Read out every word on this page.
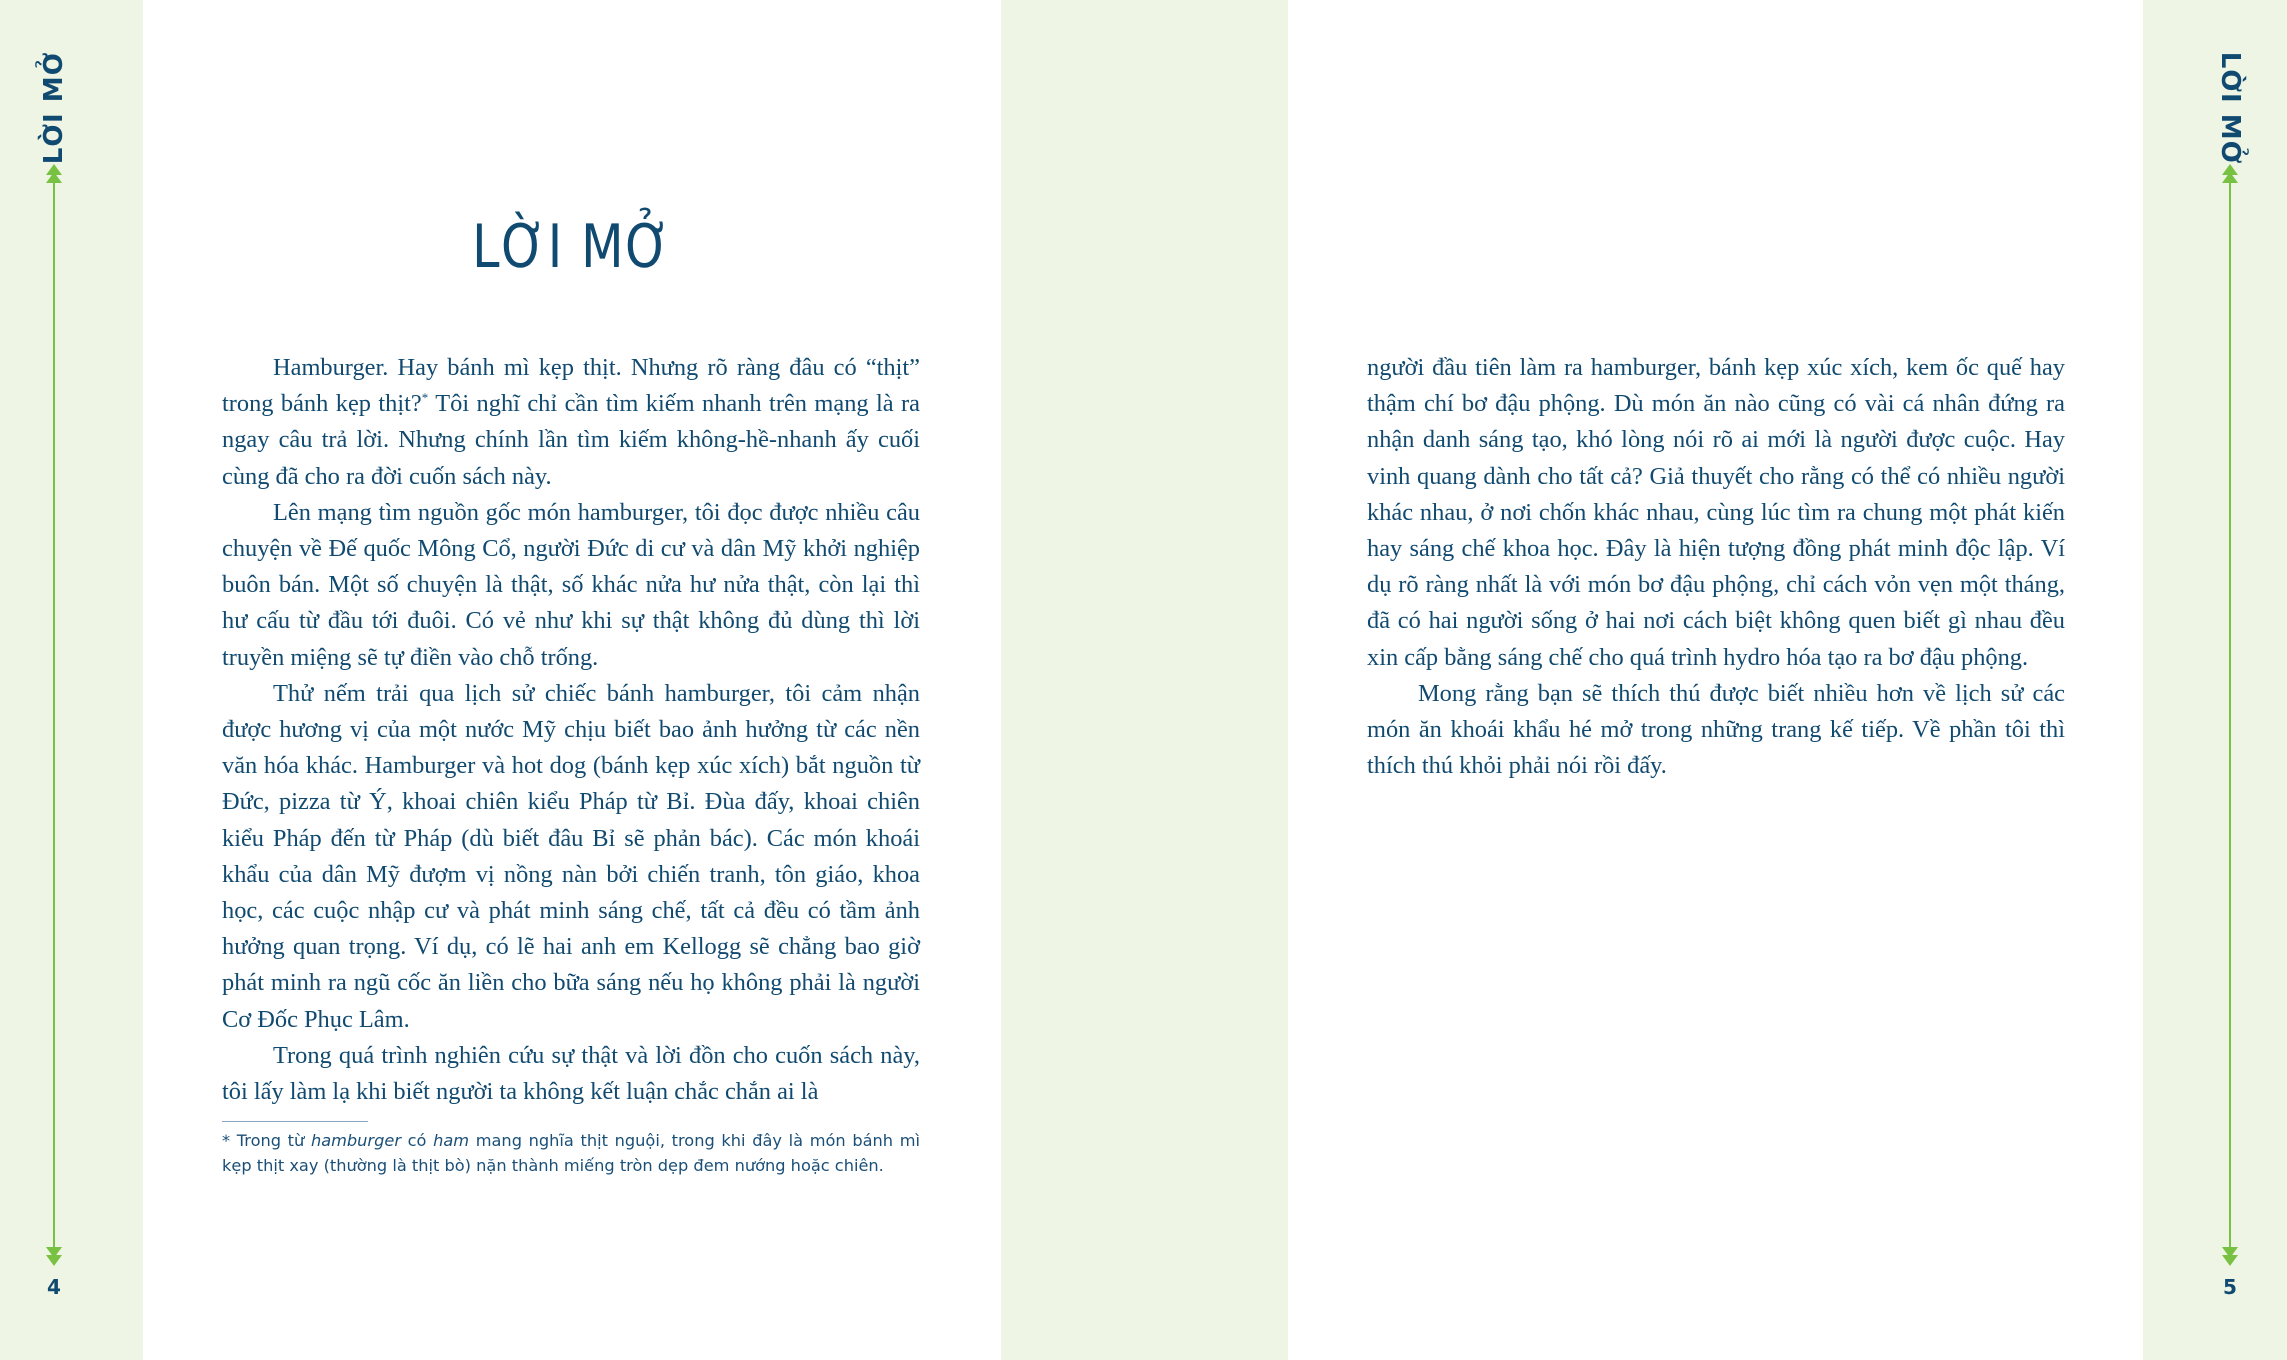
LỜI MỞ
4
LỜI MỞ

Hamburger. Hay bánh mì kẹp thịt. Nhưng rõ ràng đâu có “thịt” trong bánh kẹp thịt?* Tôi nghĩ chỉ cần tìm kiếm nhanh trên mạng là ra ngay câu trả lời. Nhưng chính lần tìm kiếm không-hề-nhanh ấy cuối cùng đã cho ra đời cuốn sách này.

Lên mạng tìm nguồn gốc món hamburger, tôi đọc được nhiều câu chuyện về Đế quốc Mông Cổ, người Đức di cư và dân Mỹ khởi nghiệp buôn bán. Một số chuyện là thật, số khác nửa hư nửa thật, còn lại thì hư cấu từ đầu tới đuôi. Có vẻ như khi sự thật không đủ dùng thì lời truyền miệng sẽ tự điền vào chỗ trống.

Thử nếm trải qua lịch sử chiếc bánh hamburger, tôi cảm nhận được hương vị của một nước Mỹ chịu biết bao ảnh hưởng từ các nền văn hóa khác. Hamburger và hot dog (bánh kẹp xúc xích) bắt nguồn từ Đức, pizza từ Ý, khoai chiên kiểu Pháp từ Bỉ. Đùa đấy, khoai chiên kiểu Pháp đến từ Pháp (dù biết đâu Bỉ sẽ phản bác). Các món khoái khẩu của dân Mỹ đượm vị nồng nàn bởi chiến tranh, tôn giáo, khoa học, các cuộc nhập cư và phát minh sáng chế, tất cả đều có tầm ảnh hưởng quan trọng. Ví dụ, có lẽ hai anh em Kellogg sẽ chẳng bao giờ phát minh ra ngũ cốc ăn liền cho bữa sáng nếu họ không phải là người Cơ Đốc Phục Lâm.

Trong quá trình nghiên cứu sự thật và lời đồn cho cuốn sách này, tôi lấy làm lạ khi biết người ta không kết luận chắc chắn ai là

* Trong từ hamburger có ham mang nghĩa thịt nguội, trong khi đây là món bánh mì kẹp thịt xay (thường là thịt bò) nặn thành miếng tròn dẹp đem nướng hoặc chiên.

người đầu tiên làm ra hamburger, bánh kẹp xúc xích, kem ốc quế hay thậm chí bơ đậu phộng. Dù món ăn nào cũng có vài cá nhân đứng ra nhận danh sáng tạo, khó lòng nói rõ ai mới là người được cuộc. Hay vinh quang dành cho tất cả? Giả thuyết cho rằng có thể có nhiều người khác nhau, ở nơi chốn khác nhau, cùng lúc tìm ra chung một phát kiến hay sáng chế khoa học. Đây là hiện tượng đồng phát minh độc lập. Ví dụ rõ ràng nhất là với món bơ đậu phộng, chỉ cách vỏn vẹn một tháng, đã có hai người sống ở hai nơi cách biệt không quen biết gì nhau đều xin cấp bằng sáng chế cho quá trình hydro hóa tạo ra bơ đậu phộng.

Mong rằng bạn sẽ thích thú được biết nhiều hơn về lịch sử các món ăn khoái khẩu hé mở trong những trang kế tiếp. Về phần tôi thì thích thú khỏi phải nói rồi đấy.

LỜI MỞ
5
